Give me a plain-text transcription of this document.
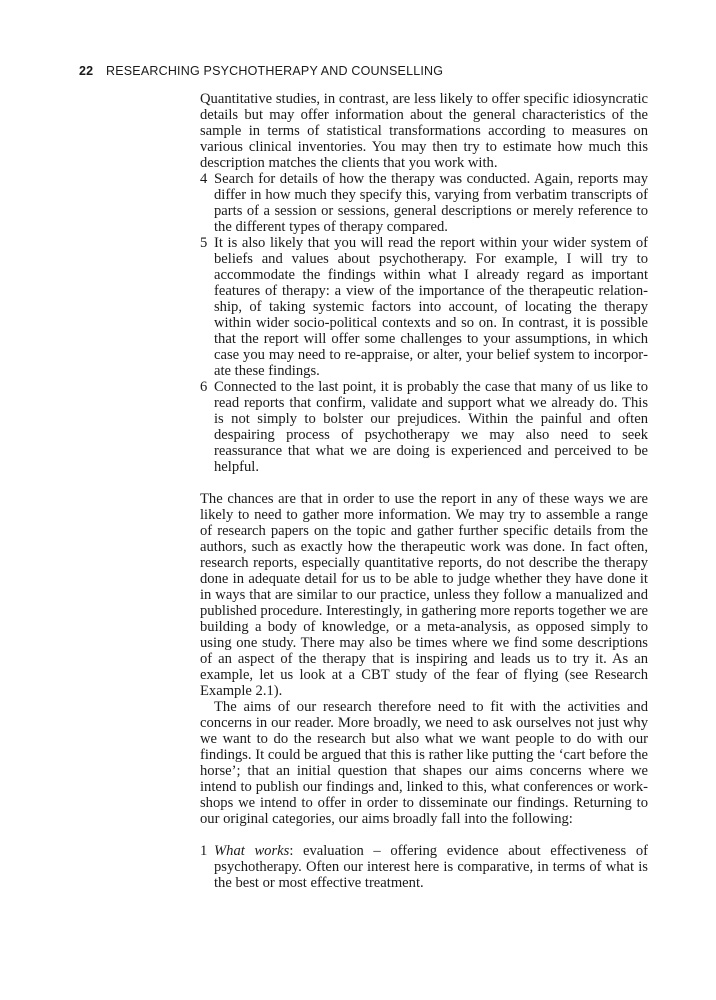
22 RESEARCHING PSYCHOTHERAPY AND COUNSELLING

Quantitative studies, in contrast, are less likely to offer specific idiosyncratic details but may offer information about the general characteristics of the sample in terms of statistical transformations according to measures on various clinical inventories. You may then try to estimate how much this description matches the clients that you work with.

4 Search for details of how the therapy was conducted. Again, reports may differ in how much they specify this, varying from verbatim transcripts of parts of a session or sessions, general descriptions or merely reference to the different types of therapy compared.

5 It is also likely that you will read the report within your wider system of beliefs and values about psychotherapy. For example, I will try to accommodate the findings within what I already regard as important features of therapy: a view of the importance of the therapeutic relationship, of taking systemic factors into account, of locating the therapy within wider socio-political contexts and so on. In contrast, it is possible that the report will offer some challenges to your assumptions, in which case you may need to re-appraise, or alter, your belief system to incorporate these findings.

6 Connected to the last point, it is probably the case that many of us like to read reports that confirm, validate and support what we already do. This is not simply to bolster our prejudices. Within the painful and often despairing process of psychotherapy we may also need to seek reassurance that what we are doing is experienced and perceived to be helpful.

The chances are that in order to use the report in any of these ways we are likely to need to gather more information. We may try to assemble a range of research papers on the topic and gather further specific details from the authors, such as exactly how the therapeutic work was done. In fact often, research reports, especially quantitative reports, do not describe the therapy done in adequate detail for us to be able to judge whether they have done it in ways that are similar to our practice, unless they follow a manualized and published procedure. Interestingly, in gathering more reports together we are building a body of knowledge, or a meta-analysis, as opposed simply to using one study. There may also be times where we find some descriptions of an aspect of the therapy that is inspiring and leads us to try it. As an example, let us look at a CBT study of the fear of flying (see Research Example 2.1).

The aims of our research therefore need to fit with the activities and concerns in our reader. More broadly, we need to ask ourselves not just why we want to do the research but also what we want people to do with our findings. It could be argued that this is rather like putting the ‘cart before the horse’; that an initial question that shapes our aims concerns where we intend to publish our findings and, linked to this, what conferences or workshops we intend to offer in order to disseminate our findings. Returning to our original categories, our aims broadly fall into the following:

1 What works: evaluation – offering evidence about effectiveness of psychotherapy. Often our interest here is comparative, in terms of what is the best or most effective treatment.
